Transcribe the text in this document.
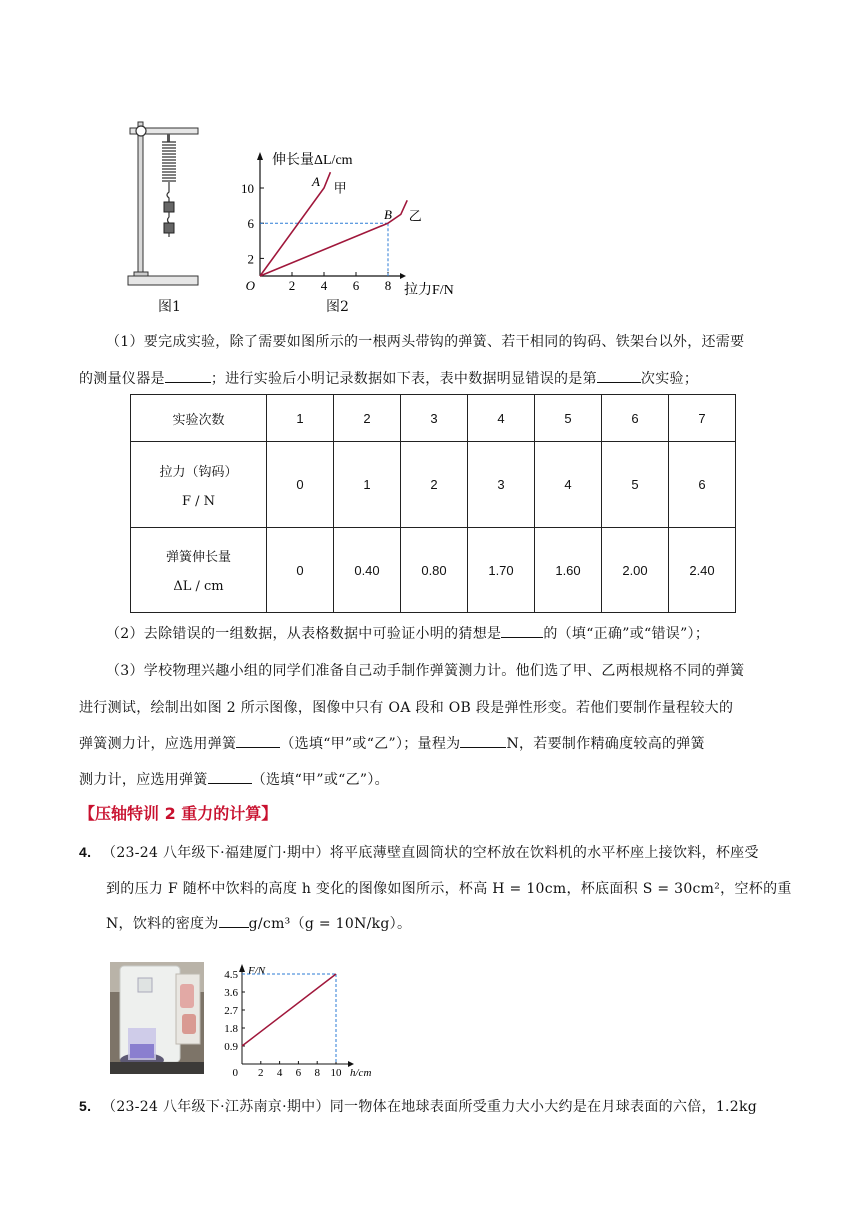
图1
2 4 6 8
2
6
10
O
伸长量ΔL/cm
拉力F/N
A
B
甲
乙
图2
（1）要完成实验，除了需要如图所示的一根两头带钩的弹簧、若干相同的钩码、铁架台以外，还需要
的测量仪器是	；进行实验后小明记录数据如下表，表中数据明显错误的是第	次实验；
实验次数	1	2	3	4	5	6	7

拉力（钩码）
F / N	0	1	2	3	4	5	6

弹簧伸长量
ΔL / cm	0	0.40	0.80	1.70	1.60	2.00	2.40
（2）去除错误的一组数据，从表格数据中可验证小明的猜想是	的（填“正确”或“错误”）；
（3）学校物理兴趣小组的同学们准备自己动手制作弹簧测力计。他们选了甲、乙两根规格不同的弹簧
进行测试，绘制出如图 2 所示图像，图像中只有 OA 段和 OB 段是弹性形变。若他们要制作量程较大的
弹簧测力计，应选用弹簧	（选填“甲”或“乙”）；量程为	N，若要制作精确度较高的弹簧
测力计，应选用弹簧	（选填“甲”或“乙”）。
【压轴特训 2 重力的计算】
4. （23-24 八年级下·福建厦门·期中）将平底薄壁直圆筒状的空杯放在饮料机的水平杯座上接饮料，杯座受
到的压力 F 随杯中饮料的高度 h 变化的图像如图所示，杯高 H = 10cm，杯底面积 S = 30cm²，空杯的重
N，饮料的密度为 g/cm³（g = 10N/kg）。
2 4 6 8 10
0.9
1.8
2.7
3.6
4.5
0
F/N
h/cm
5. （23-24 八年级下·江苏南京·期中）同一物体在地球表面所受重力大小大约是在月球表面的六倍，1.2kg
